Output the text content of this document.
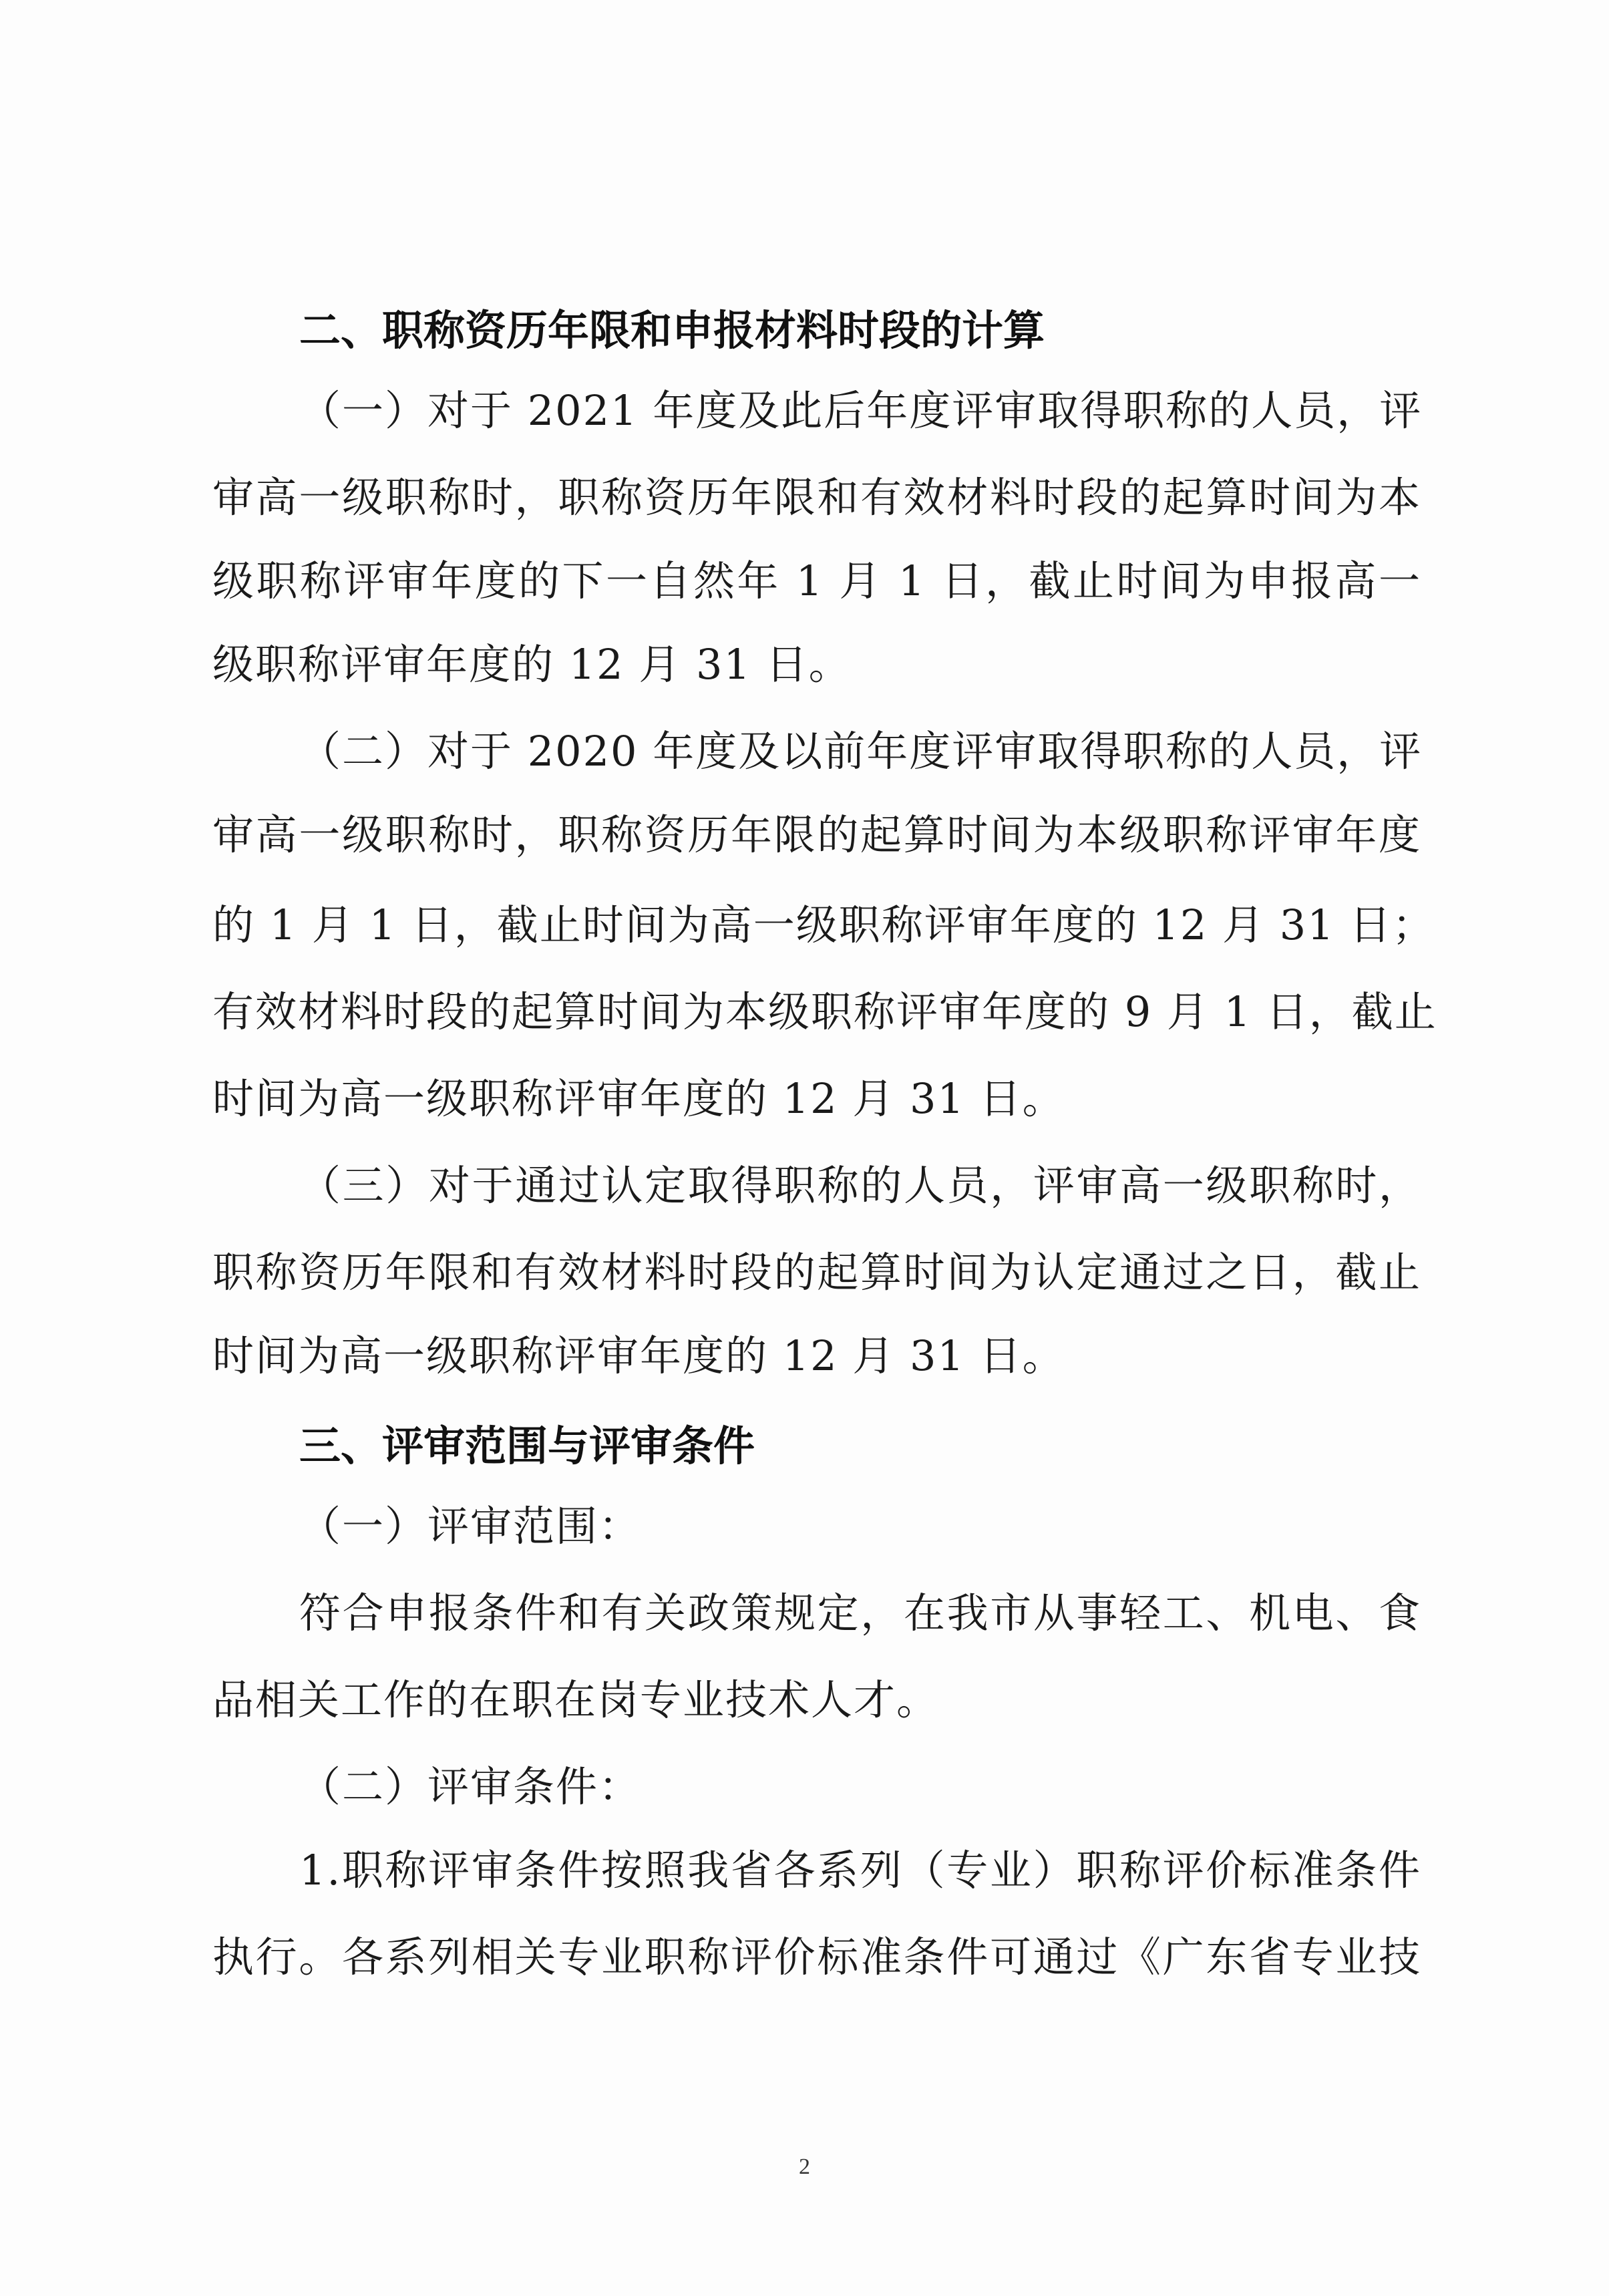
二、职称资历年限和申报材料时段的计算
（一）对于 2021 年度及此后年度评审取得职称的人员，评
审高一级职称时，职称资历年限和有效材料时段的起算时间为本
级职称评审年度的下一自然年 1 月 1 日，截止时间为申报高一
级职称评审年度的 12 月 31 日。
（二）对于 2020 年度及以前年度评审取得职称的人员，评
审高一级职称时，职称资历年限的起算时间为本级职称评审年度
的 1 月 1 日，截止时间为高一级职称评审年度的 12 月 31 日；
有效材料时段的起算时间为本级职称评审年度的 9 月 1 日，截止
时间为高一级职称评审年度的 12 月 31 日。
（三）对于通过认定取得职称的人员，评审高一级职称时，
职称资历年限和有效材料时段的起算时间为认定通过之日，截止
时间为高一级职称评审年度的 12 月 31 日。
三、评审范围与评审条件
（一）评审范围：
符合申报条件和有关政策规定，在我市从事轻工、机电、食
品相关工作的在职在岗专业技术人才。
（二）评审条件：
1.职称评审条件按照我省各系列（专业）职称评价标准条件
执行。各系列相关专业职称评价标准条件可通过《广东省专业技
2
